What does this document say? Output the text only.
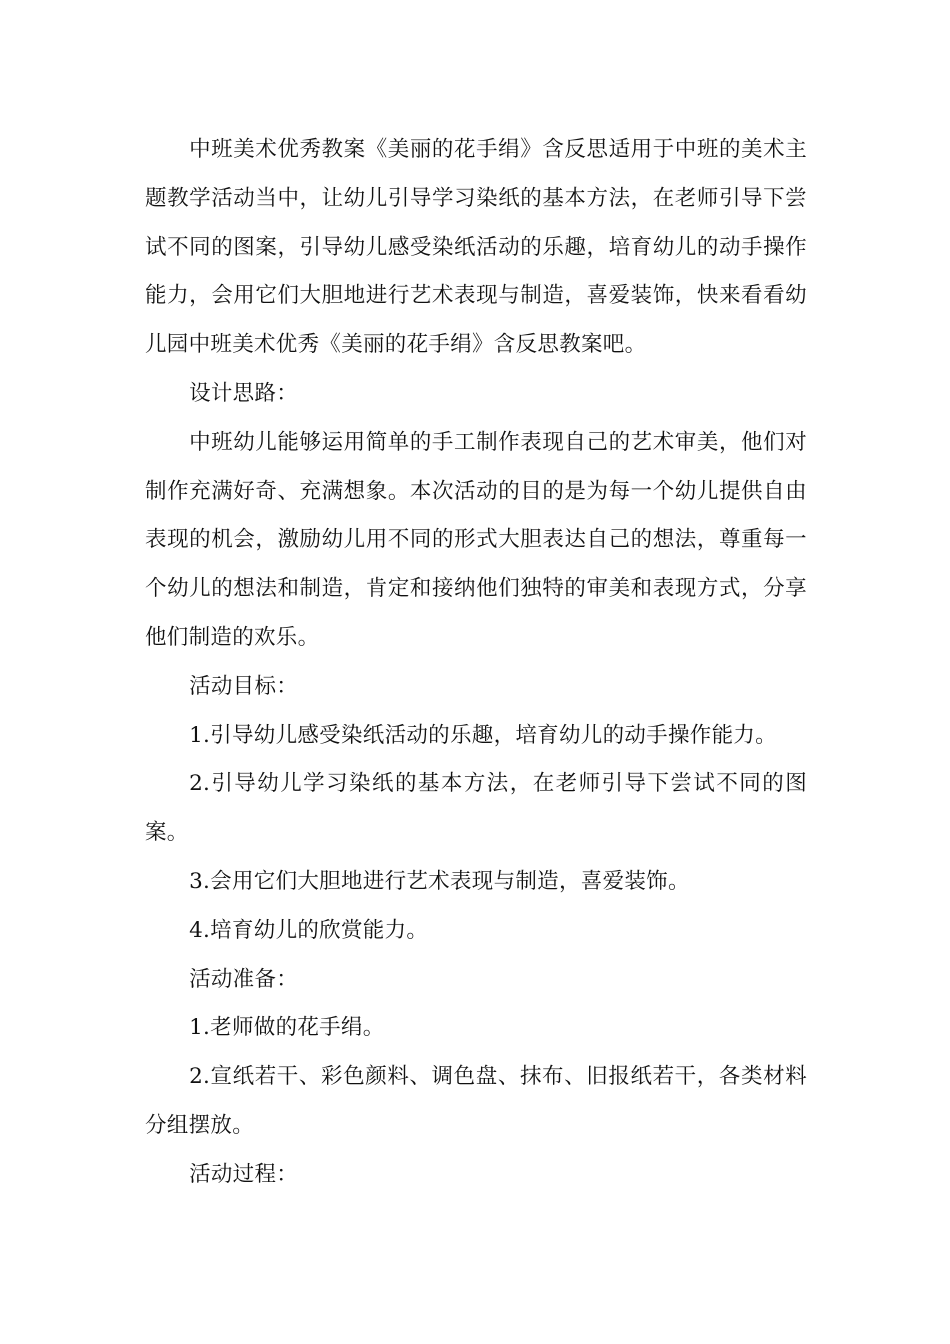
中班美术优秀教案《美丽的花手绢》含反思适用于中班的美术主题教学活动当中，让幼儿引导学习染纸的基本方法，在老师引导下尝试不同的图案，引导幼儿感受染纸活动的乐趣，培育幼儿的动手操作能力，会用它们大胆地进行艺术表现与制造，喜爱装饰，快来看看幼儿园中班美术优秀《美丽的花手绢》含反思教案吧。

设计思路：

中班幼儿能够运用简单的手工制作表现自己的艺术审美，他们对制作充满好奇、充满想象。本次活动的目的是为每一个幼儿提供自由表现的机会，激励幼儿用不同的形式大胆表达自己的想法，尊重每一个幼儿的想法和制造，肯定和接纳他们独特的审美和表现方式，分享他们制造的欢乐。

活动目标：

1.引导幼儿感受染纸活动的乐趣，培育幼儿的动手操作能力。

2.引导幼儿学习染纸的基本方法，在老师引导下尝试不同的图案。

3.会用它们大胆地进行艺术表现与制造，喜爱装饰。

4.培育幼儿的欣赏能力。

活动准备：

1.老师做的花手绢。

2.宣纸若干、彩色颜料、调色盘、抹布、旧报纸若干，各类材料分组摆放。

活动过程：
